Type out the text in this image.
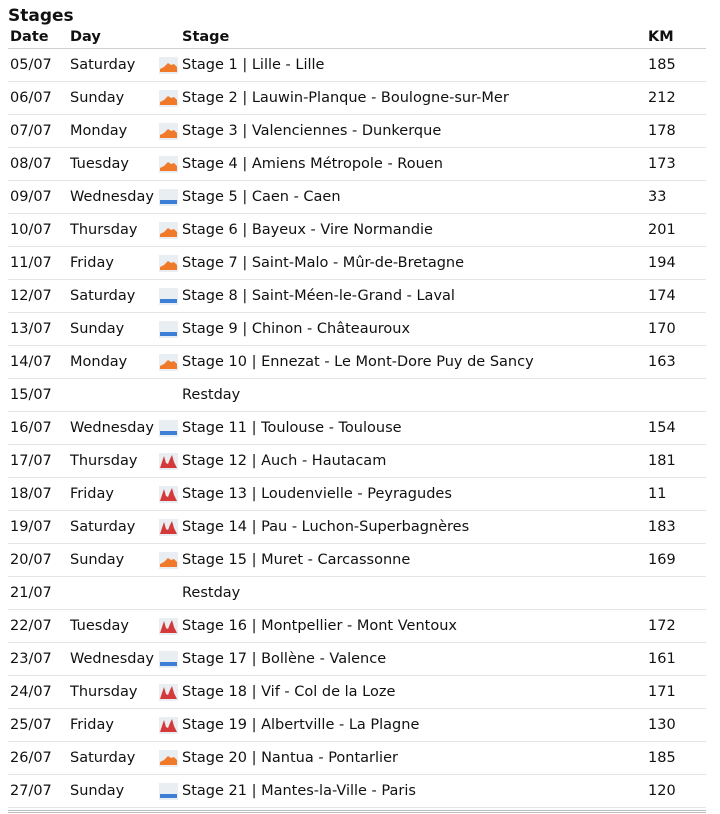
Stages
Date	Day		Stage	KM
05/07	Saturday		Stage 1 | Lille - Lille	185
06/07	Sunday		Stage 2 | Lauwin-Planque - Boulogne-sur-Mer	212
07/07	Monday		Stage 3 | Valenciennes - Dunkerque	178
08/07	Tuesday		Stage 4 | Amiens Métropole - Rouen	173
09/07	Wednesday		Stage 5 | Caen - Caen	33
10/07	Thursday		Stage 6 | Bayeux - Vire Normandie	201
11/07	Friday		Stage 7 | Saint-Malo - Mûr-de-Bretagne	194
12/07	Saturday		Stage 8 | Saint-Méen-le-Grand - Laval	174
13/07	Sunday		Stage 9 | Chinon - Châteauroux	170
14/07	Monday		Stage 10 | Ennezat - Le Mont-Dore Puy de Sancy	163
15/07			Restday	
16/07	Wednesday		Stage 11 | Toulouse - Toulouse	154
17/07	Thursday		Stage 12 | Auch - Hautacam	181
18/07	Friday		Stage 13 | Loudenvielle - Peyragudes	11
19/07	Saturday		Stage 14 | Pau - Luchon-Superbagnères	183
20/07	Sunday		Stage 15 | Muret - Carcassonne	169
21/07			Restday	
22/07	Tuesday		Stage 16 | Montpellier - Mont Ventoux	172
23/07	Wednesday		Stage 17 | Bollène - Valence	161
24/07	Thursday		Stage 18 | Vif - Col de la Loze	171
25/07	Friday		Stage 19 | Albertville - La Plagne	130
26/07	Saturday		Stage 20 | Nantua - Pontarlier	185
27/07	Sunday		Stage 21 | Mantes-la-Ville - Paris	120
